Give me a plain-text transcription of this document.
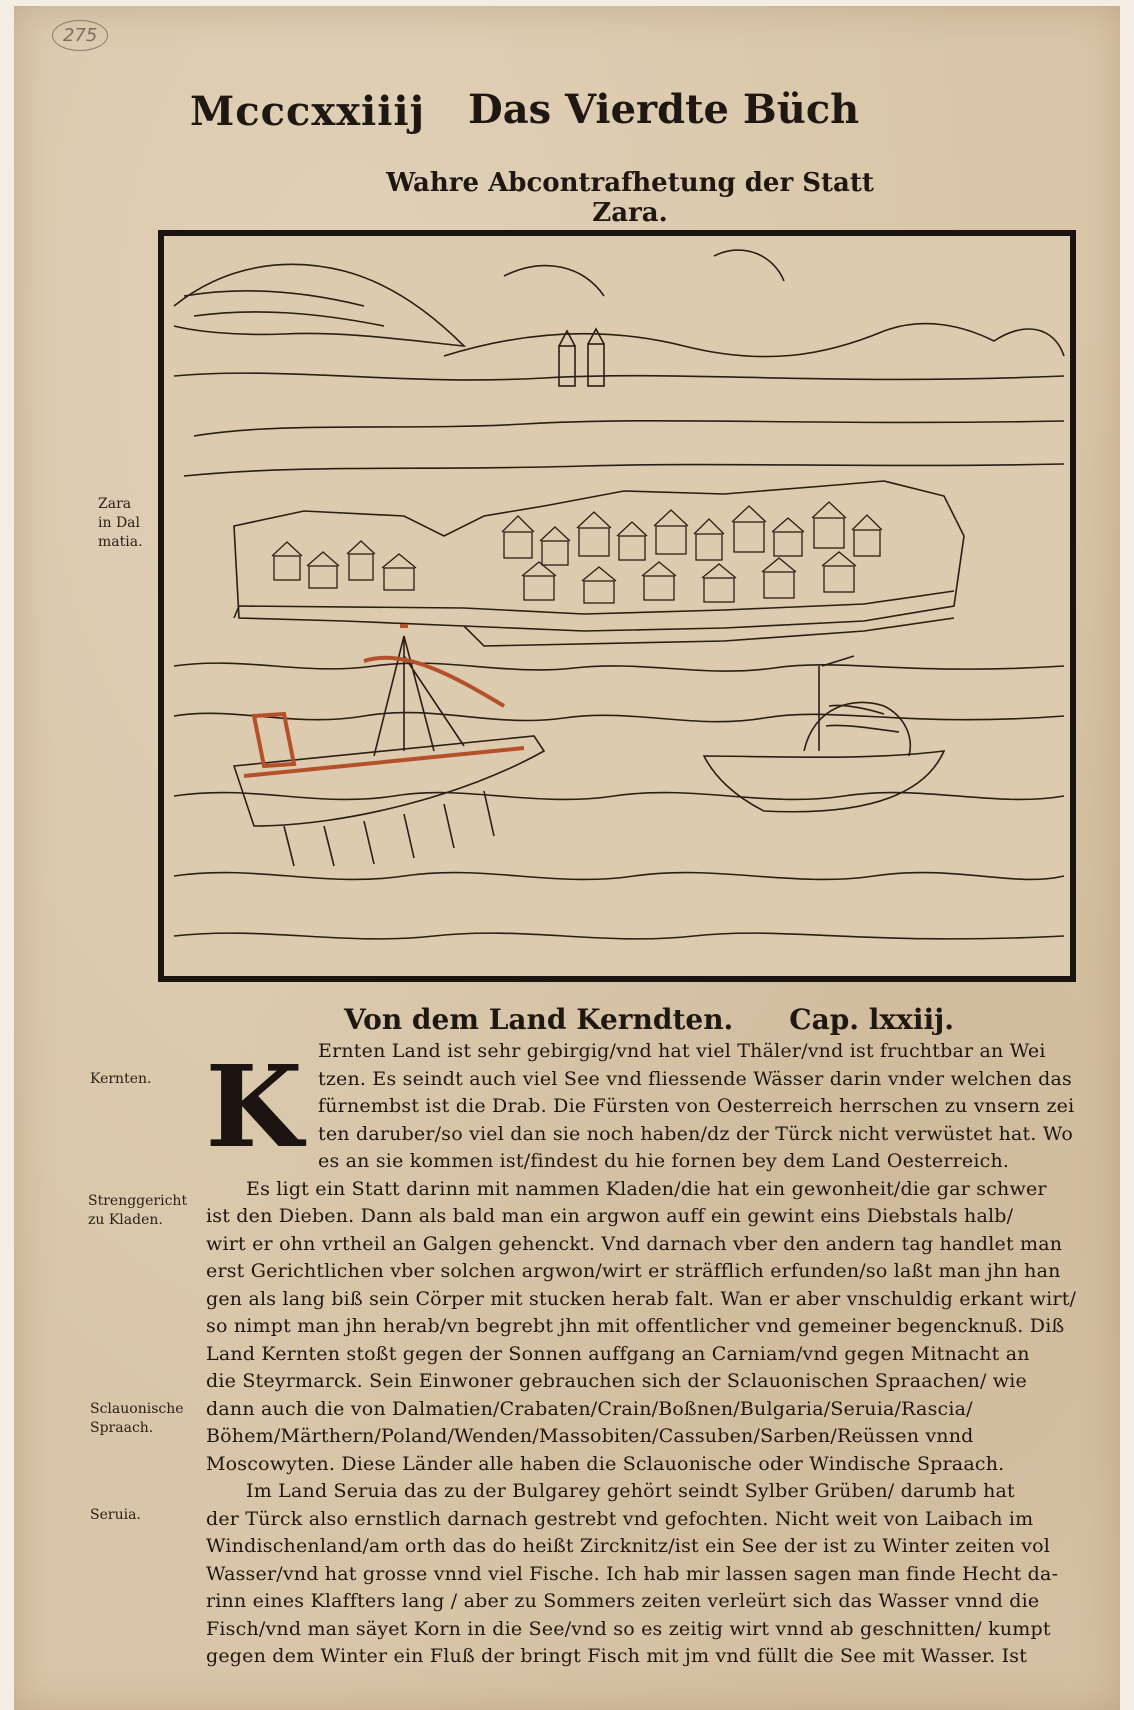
275
Mcccxxiiij Das Vierdte Büch
Wahre Abcontrafhetung der Statt Zara.
Zara
in Dal
matia.
Von dem Land Kerndten. Cap. lxxiij.
Kernten.
Strenggericht
zu Kladen.
Sclauonische
Spraach.
Seruia.
K Ernten Land ist sehr gebirgig/vnd hat viel Thäler/vnd ist fruchtbar an Wei
tzen. Es seindt auch viel See vnd fliessende Wässer darin vnder welchen das
fürnembst ist die Drab. Die Fürsten von Oesterreich herrschen zu vnsern zei
ten daruber/so viel dan sie noch haben/dz der Türck nicht verwüstet hat. Wo
es an sie kommen ist/findest du hie fornen bey dem Land Oesterreich.
Es ligt ein Statt darinn mit nammen Kladen/die hat ein gewonheit/die gar schwer
ist den Dieben. Dann als bald man ein argwon auff ein gewint eins Diebstals halb/
wirt er ohn vrtheil an Galgen gehenckt. Vnd darnach vber den andern tag handlet man
erst Gerichtlichen vber solchen argwon/wirt er sträfflich erfunden/so laßt man jhn han
gen als lang biß sein Cörper mit stucken herab falt. Wan er aber vnschuldig erkant wirt/
so nimpt man jhn herab/vn begrebt jhn mit offentlicher vnd gemeiner begencknuß. Diß
Land Kernten stoßt gegen der Sonnen auffgang an Carniam/vnd gegen Mitnacht an
die Steyrmarck. Sein Einwoner gebrauchen sich der Sclauonischen Spraachen/ wie
dann auch die von Dalmatien/Crabaten/Crain/Boßnen/Bulgaria/Seruia/Rascia/
Böhem/Märthern/Poland/Wenden/Massobiten/Cassuben/Sarben/Reüssen vnnd
Moscowyten. Diese Länder alle haben die Sclauonische oder Windische Spraach.
Im Land Seruia das zu der Bulgarey gehört seindt Sylber Grüben/ darumb hat
der Türck also ernstlich darnach gestrebt vnd gefochten. Nicht weit von Laibach im
Windischenland/am orth das do heißt Zircknitz/ist ein See der ist zu Winter zeiten vol
Wasser/vnd hat grosse vnnd viel Fische. Ich hab mir lassen sagen man finde Hecht da-
rinn eines Klaffters lang / aber zu Sommers zeiten verleürt sich das Wasser vnnd die
Fisch/vnd man säyet Korn in die See/vnd so es zeitig wirt vnnd ab geschnitten/ kumpt
gegen dem Winter ein Fluß der bringt Fisch mit jm vnd füllt die See mit Wasser. Ist
